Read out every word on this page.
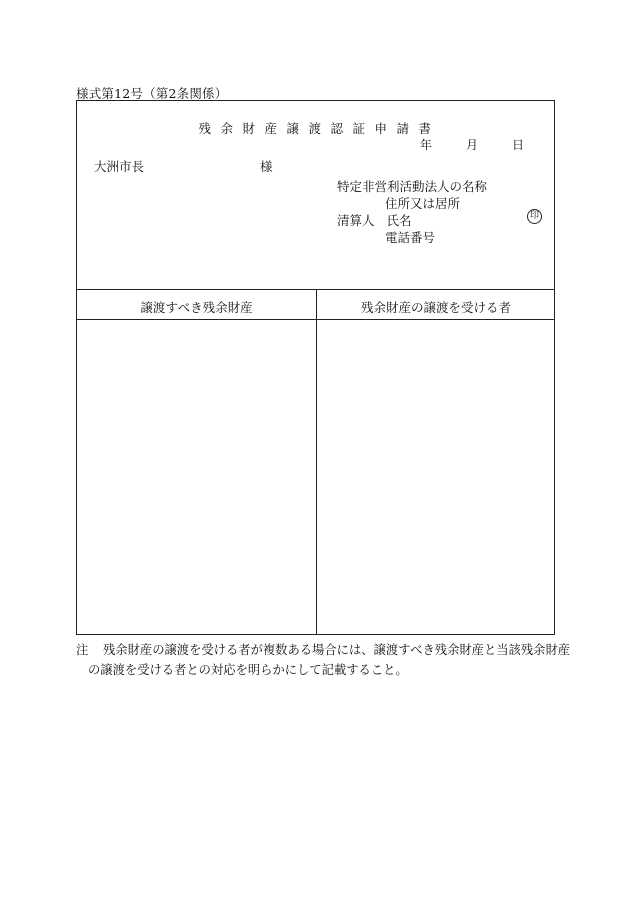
様式第12号（第2条関係）
残余財産譲渡認証申請書
年	月	日
大洲市長	様
特定非営利活動法人の名称
住所又は居所
清算人 氏名
電話番号
印
譲渡すべき残余財産	残余財産の譲渡を受ける者
注 残余財産の譲渡を受ける者が複数ある場合には、譲渡すべき残余財産と当該残余財産
の譲渡を受ける者との対応を明らかにして記載すること。
